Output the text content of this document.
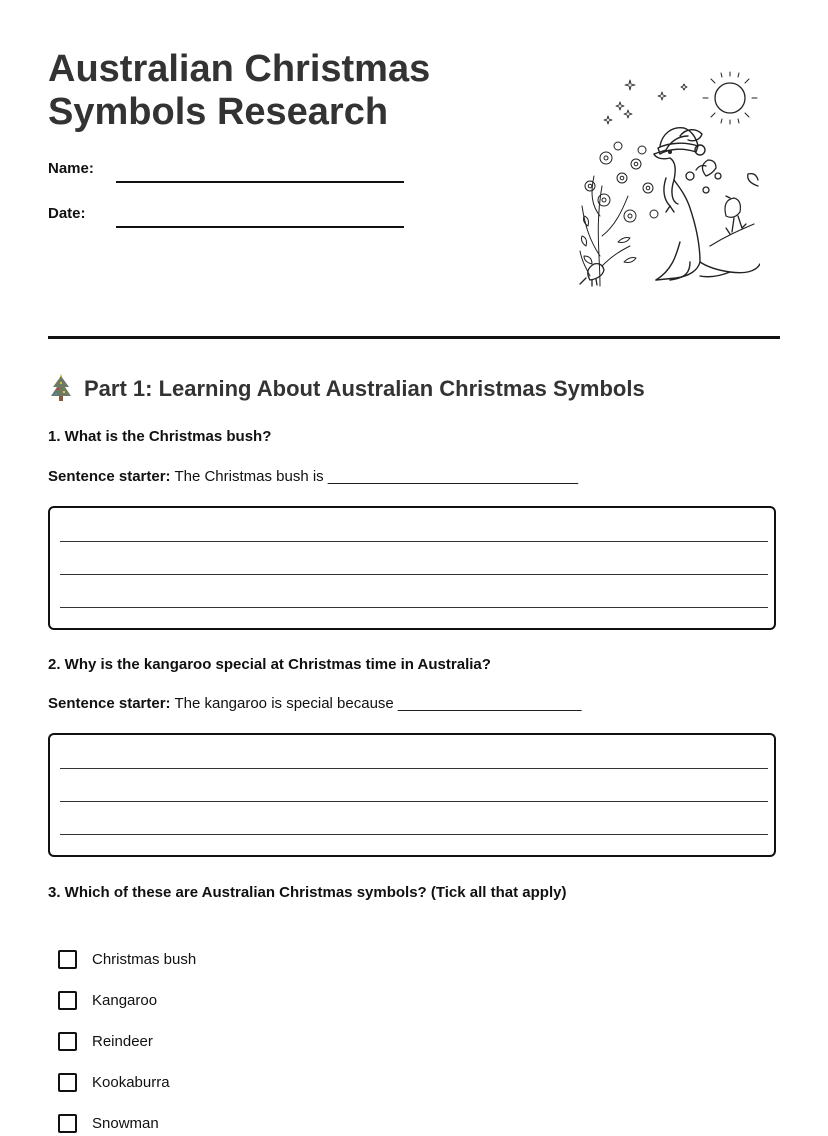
Australian Christmas
Symbols Research
Name:
Date:
Part 1: Learning About Australian Christmas Symbols
1. What is the Christmas bush?
Sentence starter: The Christmas bush is ______________________________
2. Why is the kangaroo special at Christmas time in Australia?
Sentence starter: The kangaroo is special because ______________________
3. Which of these are Australian Christmas symbols? (Tick all that apply)
Christmas bush
Kangaroo
Reindeer
Kookaburra
Snowman
